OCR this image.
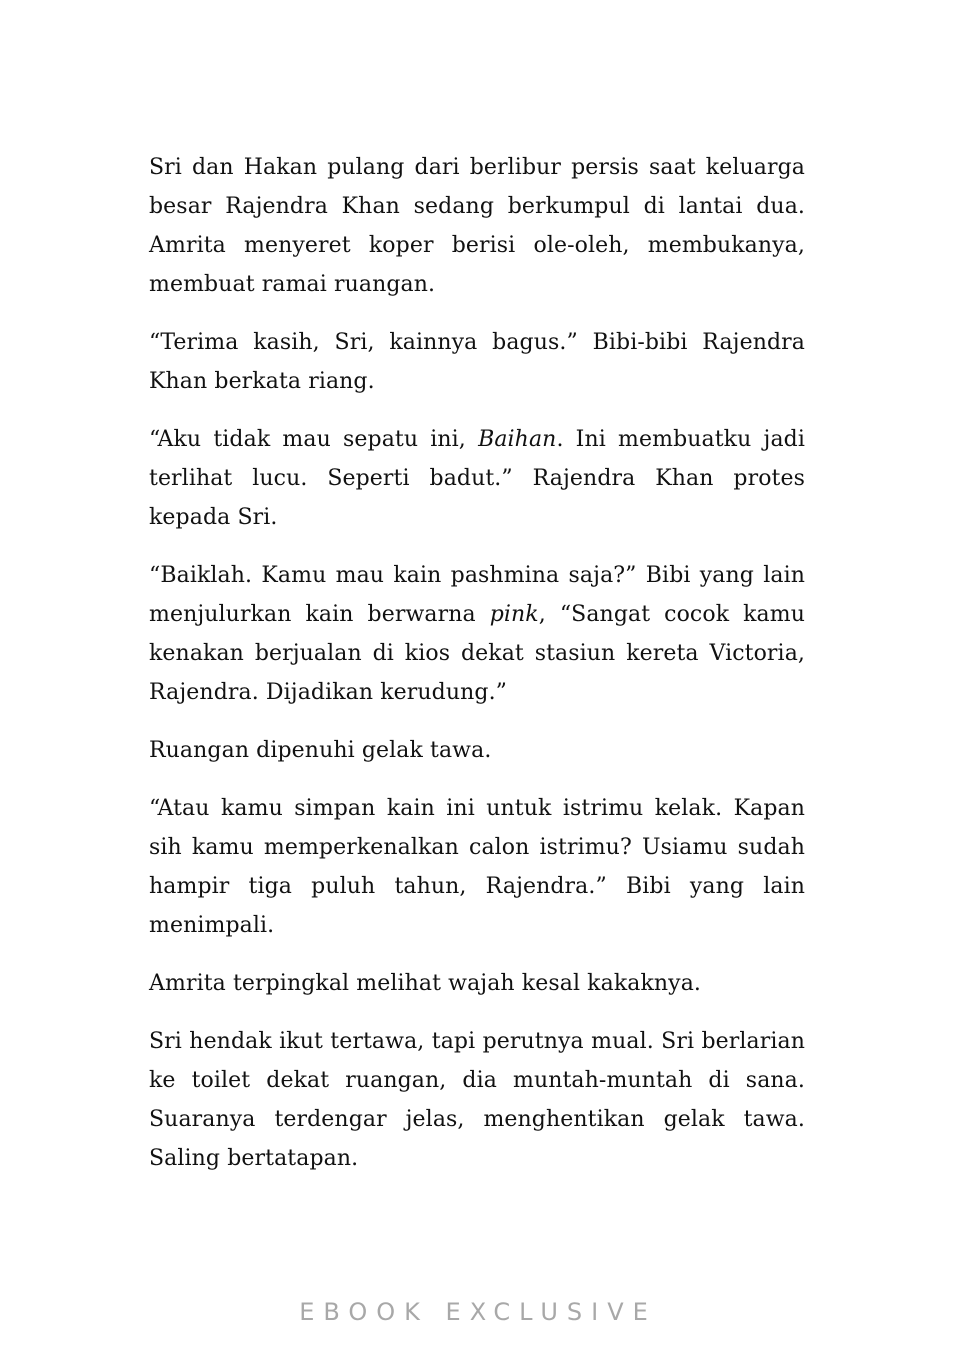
Sri dan Hakan pulang dari berlibur persis saat keluarga besar Rajendra Khan sedang berkumpul di lantai dua. Amrita menyeret koper berisi ole-oleh, membukanya, membuat ramai ruangan.

“Terima kasih, Sri, kainnya bagus.” Bibi-bibi Rajendra Khan berkata riang.

“Aku tidak mau sepatu ini, Baihan. Ini membuatku jadi terlihat lucu. Seperti badut.” Rajendra Khan protes kepada Sri.

“Baiklah. Kamu mau kain pashmina saja?” Bibi yang lain menjulurkan kain berwarna pink, “Sangat cocok kamu kenakan berjualan di kios dekat stasiun kereta Victoria, Rajendra. Dijadikan kerudung.”

Ruangan dipenuhi gelak tawa.

“Atau kamu simpan kain ini untuk istrimu kelak. Kapan sih kamu memperkenalkan calon istrimu? Usiamu sudah hampir tiga puluh tahun, Rajendra.” Bibi yang lain menimpali.

Amrita terpingkal melihat wajah kesal kakaknya.

Sri hendak ikut tertawa, tapi perutnya mual. Sri berlarian ke toilet dekat ruangan, dia muntah-muntah di sana. Suaranya terdengar jelas, menghentikan gelak tawa. Saling bertatapan.

EBOOK EXCLUSIVE
